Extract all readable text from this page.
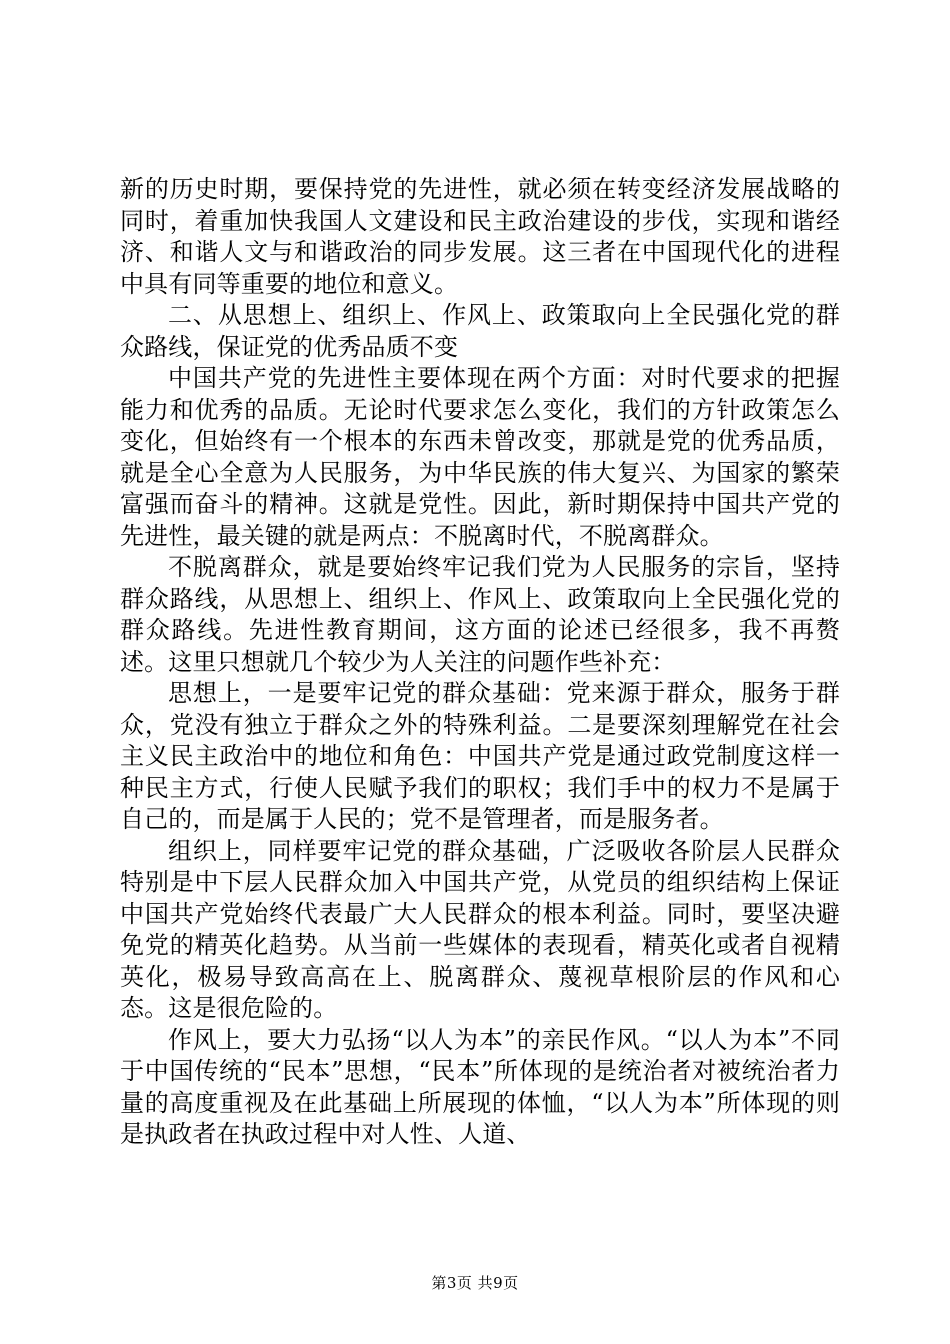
新的历史时期，要保持党的先进性，就必须在转变经济发展战略的同时，着重加快我国人文建设和民主政治建设的步伐，实现和谐经济、和谐人文与和谐政治的同步发展。这三者在中国现代化的进程中具有同等重要的地位和意义。

二、从思想上、组织上、作风上、政策取向上全民强化党的群众路线，保证党的优秀品质不变

中国共产党的先进性主要体现在两个方面：对时代要求的把握能力和优秀的品质。无论时代要求怎么变化，我们的方针政策怎么变化，但始终有一个根本的东西未曾改变，那就是党的优秀品质，就是全心全意为人民服务，为中华民族的伟大复兴、为国家的繁荣富强而奋斗的精神。这就是党性。因此，新时期保持中国共产党的先进性，最关键的就是两点：不脱离时代，不脱离群众。

不脱离群众，就是要始终牢记我们党为人民服务的宗旨，坚持群众路线，从思想上、组织上、作风上、政策取向上全民强化党的群众路线。先进性教育期间，这方面的论述已经很多，我不再赘述。这里只想就几个较少为人关注的问题作些补充：

思想上，一是要牢记党的群众基础：党来源于群众，服务于群众，党没有独立于群众之外的特殊利益。二是要深刻理解党在社会主义民主政治中的地位和角色：中国共产党是通过政党制度这样一种民主方式，行使人民赋予我们的职权；我们手中的权力不是属于自己的，而是属于人民的；党不是管理者，而是服务者。

组织上，同样要牢记党的群众基础，广泛吸收各阶层人民群众特别是中下层人民群众加入中国共产党，从党员的组织结构上保证中国共产党始终代表最广大人民群众的根本利益。同时，要坚决避免党的精英化趋势。从当前一些媒体的表现看，精英化或者自视精英化，极易导致高高在上、脱离群众、蔑视草根阶层的作风和心态。这是很危险的。

作风上，要大力弘扬“以人为本”的亲民作风。“以人为本”不同于中国传统的“民本”思想，“民本”所体现的是统治者对被统治者力量的高度重视及在此基础上所展现的体恤，“以人为本”所体现的则是执政者在执政过程中对人性、人道、

第3页 共9页
